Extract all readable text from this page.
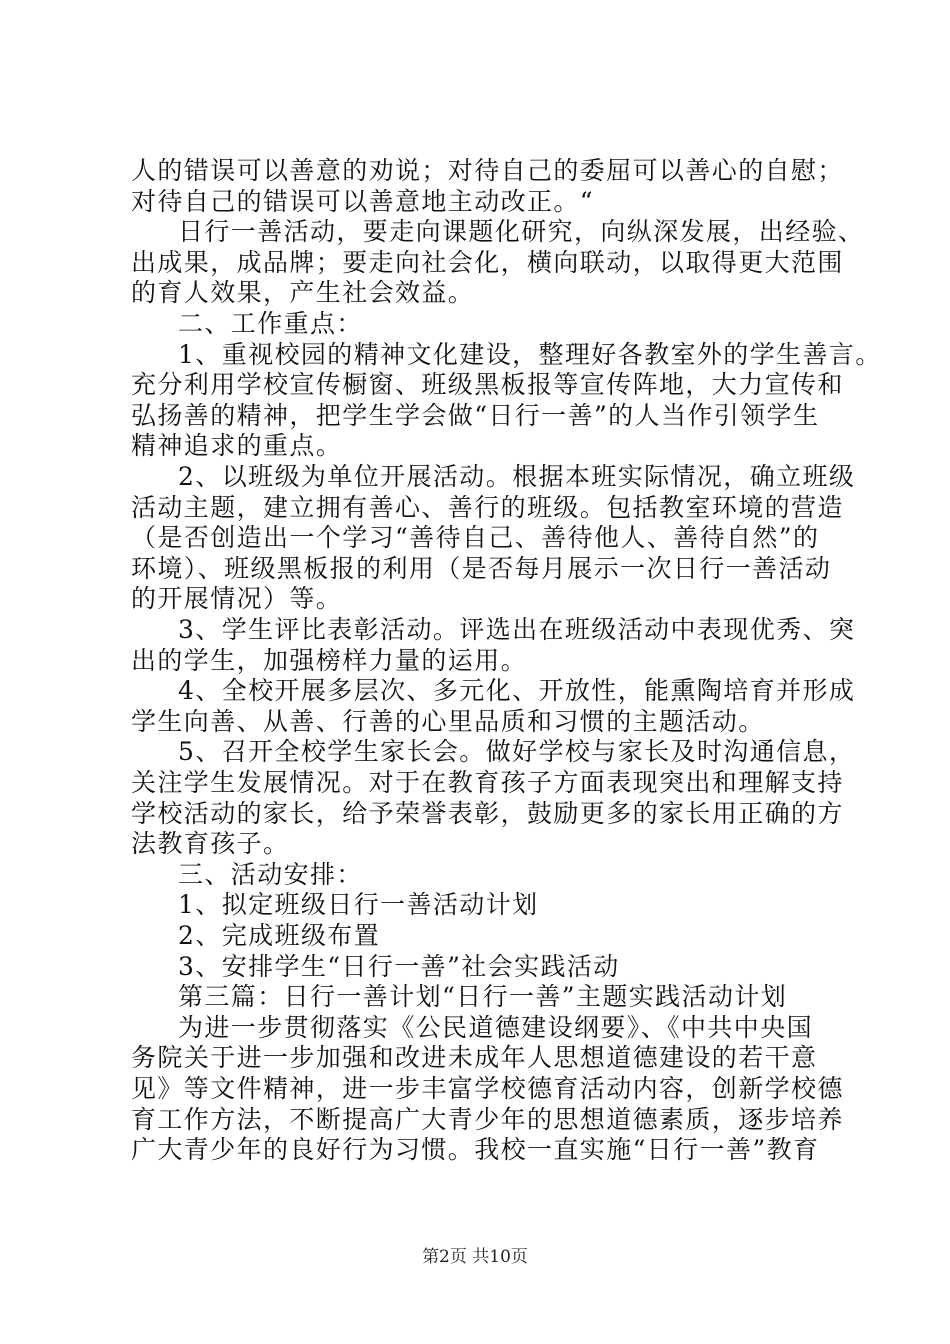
人的错误可以善意的劝说；对待自己的委屈可以善心的自慰；
对待自己的错误可以善意地主动改正。“
日行一善活动，要走向课题化研究，向纵深发展，出经验、
出成果，成品牌；要走向社会化，横向联动，以取得更大范围
的育人效果，产生社会效益。
二、工作重点：
1、重视校园的精神文化建设，整理好各教室外的学生善言。
充分利用学校宣传橱窗、班级黑板报等宣传阵地，大力宣传和
弘扬善的精神，把学生学会做“日行一善”的人当作引领学生
精神追求的重点。
2、以班级为单位开展活动。根据本班实际情况，确立班级
活动主题，建立拥有善心、善行的班级。包括教室环境的营造
（是否创造出一个学习“善待自己、善待他人、善待自然”的
环境）、班级黑板报的利用（是否每月展示一次日行一善活动
的开展情况）等。
3、学生评比表彰活动。评选出在班级活动中表现优秀、突
出的学生，加强榜样力量的运用。
4、全校开展多层次、多元化、开放性，能熏陶培育并形成
学生向善、从善、行善的心里品质和习惯的主题活动。
5、召开全校学生家长会。做好学校与家长及时沟通信息，
关注学生发展情况。对于在教育孩子方面表现突出和理解支持
学校活动的家长，给予荣誉表彰，鼓励更多的家长用正确的方
法教育孩子。
三、活动安排：
1、拟定班级日行一善活动计划
2、完成班级布置
3、安排学生“日行一善”社会实践活动
第三篇：日行一善计划“日行一善”主题实践活动计划
为进一步贯彻落实《公民道德建设纲要》、《中共中央国
务院关于进一步加强和改进未成年人思想道德建设的若干意
见》等文件精神，进一步丰富学校德育活动内容，创新学校德
育工作方法，不断提高广大青少年的思想道德素质，逐步培养
广大青少年的良好行为习惯。我校一直实施“日行一善”教育
第2页 共10页
